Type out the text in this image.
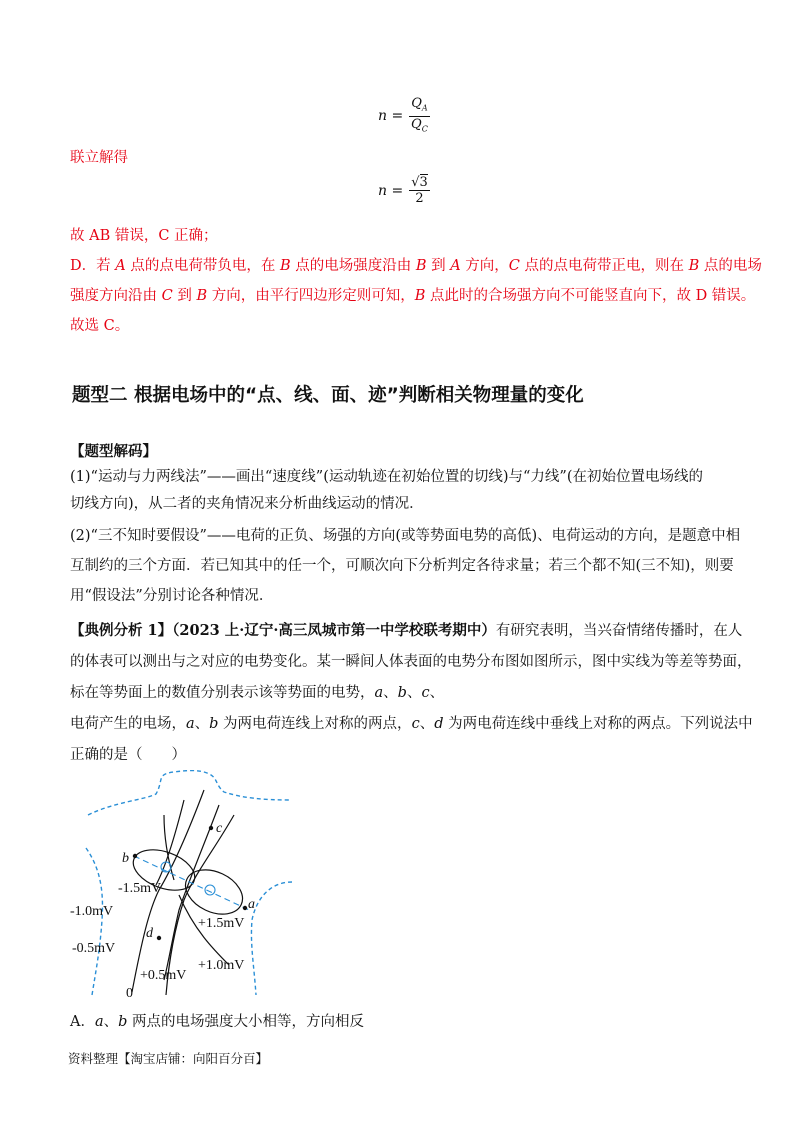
$n = \frac{Q_A}{Q_C}$
联立解得
$n = \frac{√3}{2}$
故 AB 错误，C 正确；
D．若 A 点的点电荷带负电，在 B 点的电场强度沿由 B 到 A 方向，C 点的点电荷带正电，则在 B 点的电场
强度方向沿由 C 到 B 方向，由平行四边形定则可知，B 点此时的合场强方向不可能竖直向下，故 D 错误。
故选 C。
题型二 根据电场中的“点、线、面、迹”判断相关物理量的变化
【题型解码】
(1)“运动与力两线法”——画出“速度线”(运动轨迹在初始位置的切线)与“力线”(在初始位置电场线的
切线方向)，从二者的夹角情况来分析曲线运动的情况．
(2)“三不知时要假设”——电荷的正负、场强的方向(或等势面电势的高低)、电荷运动的方向，是题意中相
互制约的三个方面．若已知其中的任一个，可顺次向下分析判定各待求量；若三个都不知(三不知)，则要
用“假设法”分别讨论各种情况．
【典例分析 1】（2023 上·辽宁·高三凤城市第一中学校联考期中）有研究表明，当兴奋情绪传播时，在人
的体表可以测出与之对应的电势变化。某一瞬间人体表面的电势分布图如图所示，图中实线为等差等势面，
标在等势面上的数值分别表示该等势面的电势，a、b、c、
电荷产生的电场，a、b 为两电荷连线上对称的两点，c、d 为两电荷连线中垂线上对称的两点。下列说法中
正确的是（　　）
c
b
a
d
-1.5mV
-1.0mV
-0.5mV
+1.5mV
+0.5mV
+1.0mV
0
A．a、b 两点的电场强度大小相等，方向相反
资料整理【淘宝店铺：向阳百分百】
